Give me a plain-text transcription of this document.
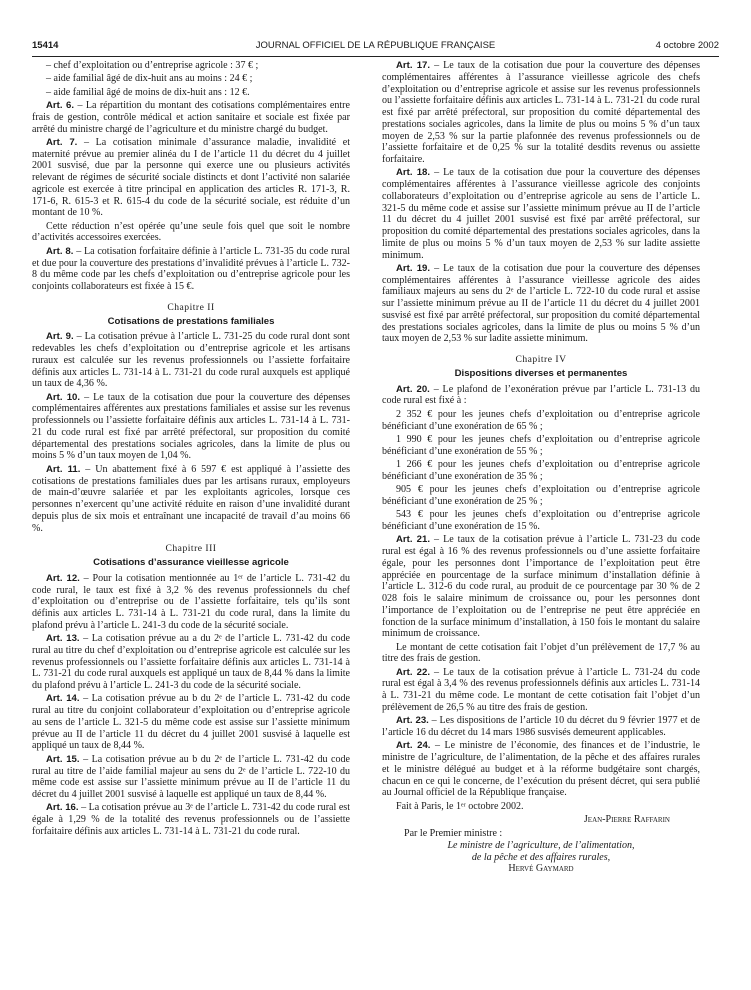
15414	JOURNAL OFFICIEL DE LA RÉPUBLIQUE FRANÇAISE	4 octobre 2002

– chef d’exploitation ou d’entreprise agricole : 37 € ;

– aide familial âgé de dix-huit ans au moins : 24 € ;

– aide familial âgé de moins de dix-huit ans : 12 €.

Art. 6. – La répartition du montant des cotisations complémentaires entre frais de gestion, contrôle médical et action sanitaire et sociale est fixée par arrêté du ministre chargé de l’agriculture et du ministre chargé du budget.

Art. 7. – La cotisation minimale d’assurance maladie, invalidité et maternité prévue au premier alinéa du I de l’article 11 du décret du 4 juillet 2001 susvisé, due par la personne qui exerce une ou plusieurs activités relevant de régimes de sécurité sociale distincts et dont l’activité non salariée agricole est exercée à titre principal en application des articles R. 171-3, R. 171-6, R. 615-3 et R. 615-4 du code de la sécurité sociale, est réduite d’un montant de 10 %.

Cette réduction n’est opérée qu’une seule fois quel que soit le nombre d’activités accessoires exercées.

Art. 8. – La cotisation forfaitaire définie à l’article L. 731-35 du code rural et due pour la couverture des prestations d’invalidité prévues à l’article L. 732-8 du même code par les chefs d’exploitation ou d’entreprise agricole pour les conjoints collaborateurs est fixée à 15 €.

Chapitre II
Cotisations de prestations familiales

Art. 9. – La cotisation prévue à l’article L. 731-25 du code rural dont sont redevables les chefs d’exploitation ou d’entreprise agricole et les artisans ruraux est calculée sur les revenus professionnels ou l’assiette forfaitaire définis aux articles L. 731-14 à L. 731-21 du code rural auxquels est appliqué un taux de 4,36 %.

Art. 10. – Le taux de la cotisation due pour la couverture des dépenses complémentaires afférentes aux prestations familiales et assise sur les revenus professionnels ou l’assiette forfaitaire définis aux articles L. 731-14 à L. 731-21 du code rural est fixé par arrêté préfectoral, sur proposition du comité départemental des prestations sociales agricoles, dans la limite de plus ou moins 5 % d’un taux moyen de 1,04 %.

Art. 11. – Un abattement fixé à 6 597 € est appliqué à l’assiette des cotisations de prestations familiales dues par les artisans ruraux, employeurs de main-d’œuvre salariée et par les exploitants agricoles, lorsque ces personnes n’exercent qu’une activité réduite en raison d’une invalidité durant depuis plus de six mois et entraînant une incapacité de travail d’au moins 66 %.

Chapitre III
Cotisations d’assurance vieillesse agricole

Art. 12. – Pour la cotisation mentionnée au 1ᵉʳ de l’article L. 731-42 du code rural, le taux est fixé à 3,2 % des revenus professionnels du chef d’exploitation ou d’entreprise ou de l’assiette forfaitaire, tels qu’ils sont définis aux articles L. 731-14 à L. 731-21 du code rural, dans la limite du plafond prévu à l’article L. 241-3 du code de la sécurité sociale.

Art. 13. – La cotisation prévue au a du 2ᵉ de l’article L. 731-42 du code rural au titre du chef d’exploitation ou d’entreprise agricole est calculée sur les revenus professionnels ou l’assiette forfaitaire définis aux articles L. 731-14 à L. 731-21 du code rural auxquels est appliqué un taux de 8,44 % dans la limite du plafond prévu à l’article L. 241-3 du code de la sécurité sociale.

Art. 14. – La cotisation prévue au b du 2ᵉ de l’article L. 731-42 du code rural au titre du conjoint collaborateur d’exploitation ou d’entreprise agricole au sens de l’article L. 321-5 du même code est assise sur l’assiette minimum prévue au II de l’article 11 du décret du 4 juillet 2001 susvisé à laquelle est appliqué un taux de 8,44 %.

Art. 15. – La cotisation prévue au b du 2ᵉ de l’article L. 731-42 du code rural au titre de l’aide familial majeur au sens du 2ᵉ de l’article L. 722-10 du même code est assise sur l’assiette minimum prévue au II de l’article 11 du décret du 4 juillet 2001 susvisé à laquelle est appliqué un taux de 8,44 %.

Art. 16. – La cotisation prévue au 3ᵉ de l’article L. 731-42 du code rural est égale à 1,29 % de la totalité des revenus professionnels ou de l’assiette forfaitaire définis aux articles L. 731-14 à L. 731-21 du code rural.

Art. 17. – Le taux de la cotisation due pour la couverture des dépenses complémentaires afférentes à l’assurance vieillesse agricole des chefs d’exploitation ou d’entreprise agricole et assise sur les revenus professionnels ou l’assiette forfaitaire définis aux articles L. 731-14 à L. 731-21 du code rural est fixé par arrêté préfectoral, sur proposition du comité départemental des prestations sociales agricoles, dans la limite de plus ou moins 5 % d’un taux moyen de 2,53 % sur la partie plafonnée des revenus professionnels ou de l’assiette forfaitaire et de 0,25 % sur la totalité desdits revenus ou assiette forfaitaire.

Art. 18. – Le taux de la cotisation due pour la couverture des dépenses complémentaires afférentes à l’assurance vieillesse agricole des conjoints collaborateurs d’exploitation ou d’entreprise agricole au sens de l’article L. 321-5 du même code et assise sur l’assiette minimum prévue au II de l’article 11 du décret du 4 juillet 2001 susvisé est fixé par arrêté préfectoral, sur proposition du comité départemental des prestations sociales agricoles, dans la limite de plus ou moins 5 % d’un taux moyen de 2,53 % sur ladite assiette minimum.

Art. 19. – Le taux de la cotisation due pour la couverture des dépenses complémentaires afférentes à l’assurance vieillesse agricole des aides familiaux majeurs au sens du 2ᵉ de l’article L. 722-10 du code rural et assise sur l’assiette minimum prévue au II de l’article 11 du décret du 4 juillet 2001 susvisé est fixé par arrêté préfectoral, sur proposition du comité départemental des prestations sociales agricoles, dans la limite de plus ou moins 5 % d’un taux moyen de 2,53 % sur ladite assiette minimum.

Chapitre IV
Dispositions diverses et permanentes

Art. 20. – Le plafond de l’exonération prévue par l’article L. 731-13 du code rural est fixé à :

2 352 € pour les jeunes chefs d’exploitation ou d’entreprise agricole bénéficiant d’une exonération de 65 % ;

1 990 € pour les jeunes chefs d’exploitation ou d’entreprise agricole bénéficiant d’une exonération de 55 % ;

1 266 € pour les jeunes chefs d’exploitation ou d’entreprise agricole bénéficiant d’une exonération de 35 % ;

905 € pour les jeunes chefs d’exploitation ou d’entreprise agricole bénéficiant d’une exonération de 25 % ;

543 € pour les jeunes chefs d’exploitation ou d’entreprise agricole bénéficiant d’une exonération de 15 %.

Art. 21. – Le taux de la cotisation prévue à l’article L. 731-23 du code rural est égal à 16 % des revenus professionnels ou d’une assiette forfaitaire égale, pour les personnes dont l’importance de l’exploitation peut être appréciée en pourcentage de la surface minimum d’installation définie à l’article L. 312-6 du code rural, au produit de ce pourcentage par 30 % de 2 028 fois le salaire minimum de croissance ou, pour les personnes dont l’importance de l’exploitation ou de l’entreprise ne peut être appréciée en fonction de la surface minimum d’installation, à 150 fois le montant du salaire minimum de croissance.

Le montant de cette cotisation fait l’objet d’un prélèvement de 17,7 % au titre des frais de gestion.

Art. 22. – Le taux de la cotisation prévue à l’article L. 731-24 du code rural est égal à 3,4 % des revenus professionnels définis aux articles L. 731-14 à L. 731-21 du même code. Le montant de cette cotisation fait l’objet d’un prélèvement de 26,5 % au titre des frais de gestion.

Art. 23. – Les dispositions de l’article 10 du décret du 9 février 1977 et de l’article 16 du décret du 14 mars 1986 susvisés demeurent applicables.

Art. 24. – Le ministre de l’économie, des finances et de l’industrie, le ministre de l’agriculture, de l’alimentation, de la pêche et des affaires rurales et le ministre délégué au budget et à la réforme budgétaire sont chargés, chacun en ce qui le concerne, de l’exécution du présent décret, qui sera publié au Journal officiel de la République française.

Fait à Paris, le 1ᵉʳ octobre 2002.

Jean-Pierre Raffarin
Par le Premier ministre :
Le ministre de l’agriculture, de l’alimentation,
de la pêche et des affaires rurales,
Hervé Gaymard
